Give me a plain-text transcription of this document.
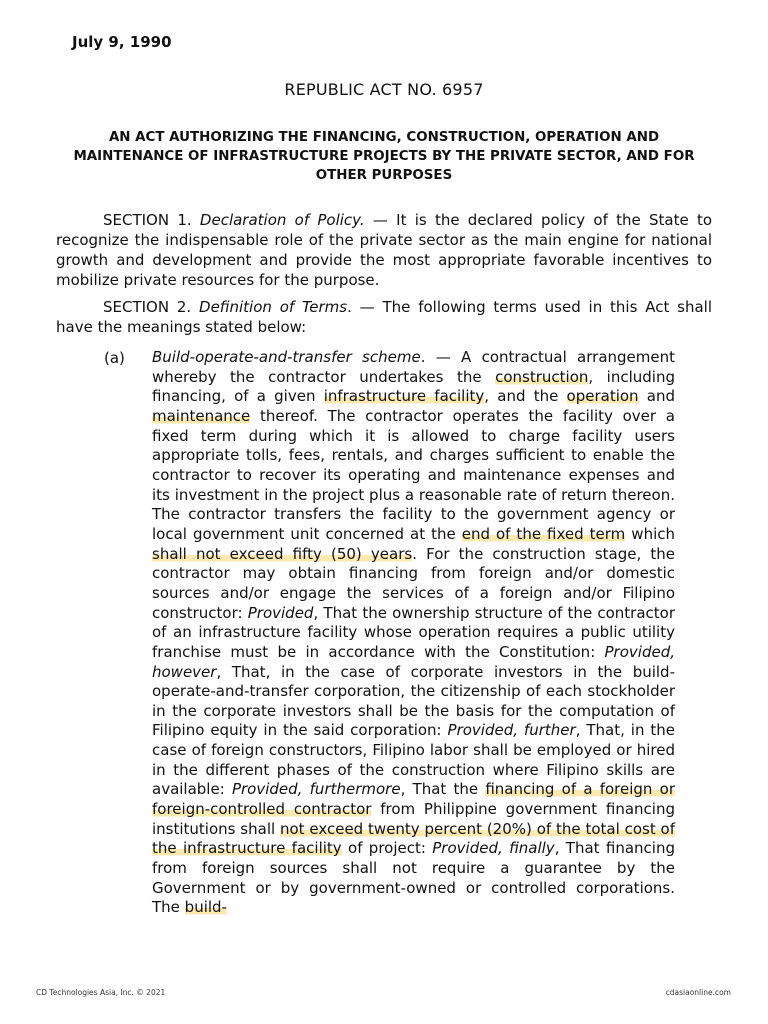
July 9, 1990
REPUBLIC ACT NO. 6957
AN ACT AUTHORIZING THE FINANCING, CONSTRUCTION, OPERATION AND MAINTENANCE OF INFRASTRUCTURE PROJECTS BY THE PRIVATE SECTOR, AND FOR OTHER PURPOSES
SECTION 1. Declaration of Policy. — It is the declared policy of the State to recognize the indispensable role of the private sector as the main engine for national growth and development and provide the most appropriate favorable incentives to mobilize private resources for the purpose.
SECTION 2. Definition of Terms. — The following terms used in this Act shall have the meanings stated below:
(a) Build-operate-and-transfer scheme. — A contractual arrangement whereby the contractor undertakes the construction, including financing, of a given infrastructure facility, and the operation and maintenance thereof. The contractor operates the facility over a fixed term during which it is allowed to charge facility users appropriate tolls, fees, rentals, and charges sufficient to enable the contractor to recover its operating and maintenance expenses and its investment in the project plus a reasonable rate of return thereon. The contractor transfers the facility to the government agency or local government unit concerned at the end of the fixed term which shall not exceed fifty (50) years. For the construction stage, the contractor may obtain financing from foreign and/or domestic sources and/or engage the services of a foreign and/or Filipino constructor: Provided, That the ownership structure of the contractor of an infrastructure facility whose operation requires a public utility franchise must be in accordance with the Constitution: Provided, however, That, in the case of corporate investors in the build-operate-and-transfer corporation, the citizenship of each stockholder in the corporate investors shall be the basis for the computation of Filipino equity in the said corporation: Provided, further, That, in the case of foreign constructors, Filipino labor shall be employed or hired in the different phases of the construction where Filipino skills are available: Provided, furthermore, That the financing of a foreign or foreign-controlled contractor from Philippine government financing institutions shall not exceed twenty percent (20%) of the total cost of the infrastructure facility of project: Provided, finally, That financing from foreign sources shall not require a guarantee by the Government or by government-owned or controlled corporations. The build-
CD Technologies Asia, Inc. © 2021	cdasiaonline.com
